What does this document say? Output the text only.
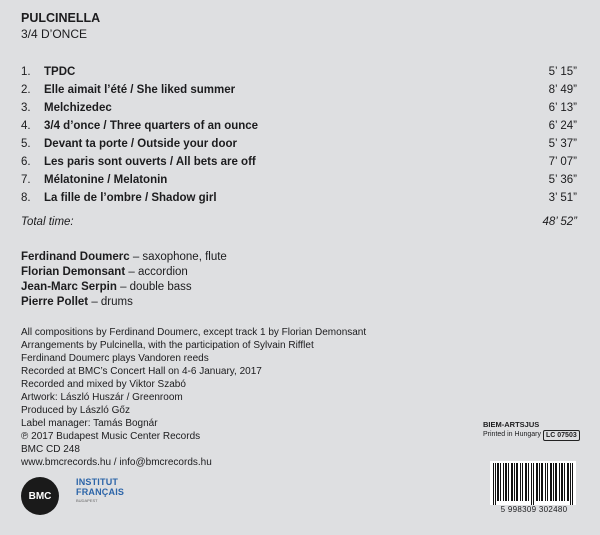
PULCINELLA
3/4 D’ONCE
1. TPDC	5’ 15”
2. Elle aimait l’été / She liked summer	8’ 49”
3. Melchizedec	6’ 13”
4. 3/4 d’once / Three quarters of an ounce	6’ 24”
5. Devant ta porte / Outside your door	5’ 37”
6. Les paris sont ouverts / All bets are off	7’ 07”
7. Mélatonine / Melatonin	5’ 36”
8. La fille de l’ombre / Shadow girl	3’ 51”
Total time:	48’ 52”
Ferdinand Doumerc – saxophone, flute
Florian Demonsant – accordion
Jean-Marc Serpin – double bass
Pierre Pollet – drums
All compositions by Ferdinand Doumerc, except track 1 by Florian Demonsant
Arrangements by Pulcinella, with the participation of Sylvain Rifflet
Ferdinand Doumerc plays Vandoren reeds
Recorded at BMC’s Concert Hall on 4-6 January, 2017
Recorded and mixed by Viktor Szabó
Artwork: László Huszár / Greenroom
Produced by László Gőz
Label manager: Tamás Bognár
℗ 2017 Budapest Music Center Records
BMC CD 248
www.bmcrecords.hu / info@bmcrecords.hu
BIEM-ARTSJUS
Printed in Hungary LC 07503
BMC
INSTITUT
FRANÇAIS
BUDAPEST
5 998309 302480
